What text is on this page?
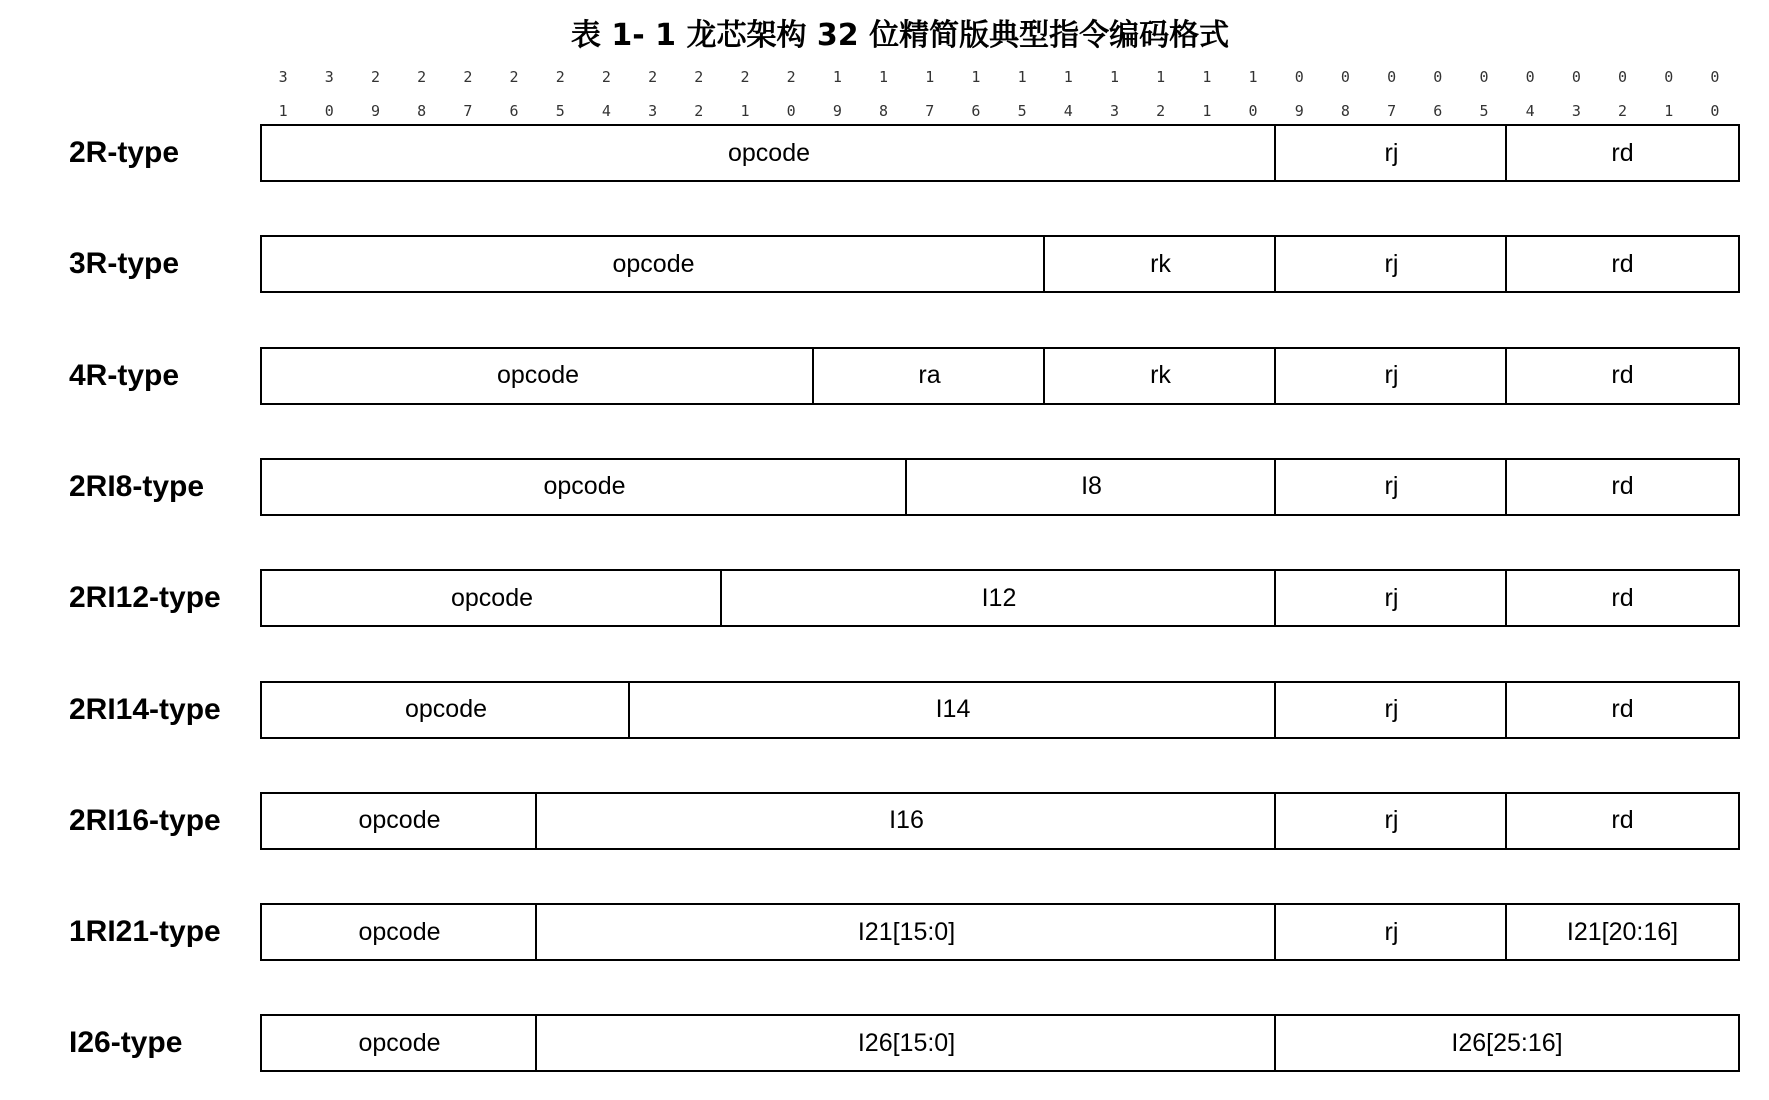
表 1- 1 龙芯架构 32 位精简版典型指令编码格式
3
1
3
0
2
9
2
8
2
7
2
6
2
5
2
4
2
3
2
2
2
1
2
0
1
9
1
8
1
7
1
6
1
5
1
4
1
3
1
2
1
1
1
0
0
9
0
8
0
7
0
6
0
5
0
4
0
3
0
2
0
1
0
0
2R-type	opcode	rj	rd
3R-type	opcode	rk	rj	rd
4R-type	opcode	ra	rk	rj	rd
2RI8-type	opcode	I8	rj	rd
2RI12-type	opcode	I12	rj	rd
2RI14-type	opcode	I14	rj	rd
2RI16-type	opcode	I16	rj	rd
1RI21-type	opcode	I21[15:0]	rj	I21[20:16]
I26-type	opcode	I26[15:0]	I26[25:16]
